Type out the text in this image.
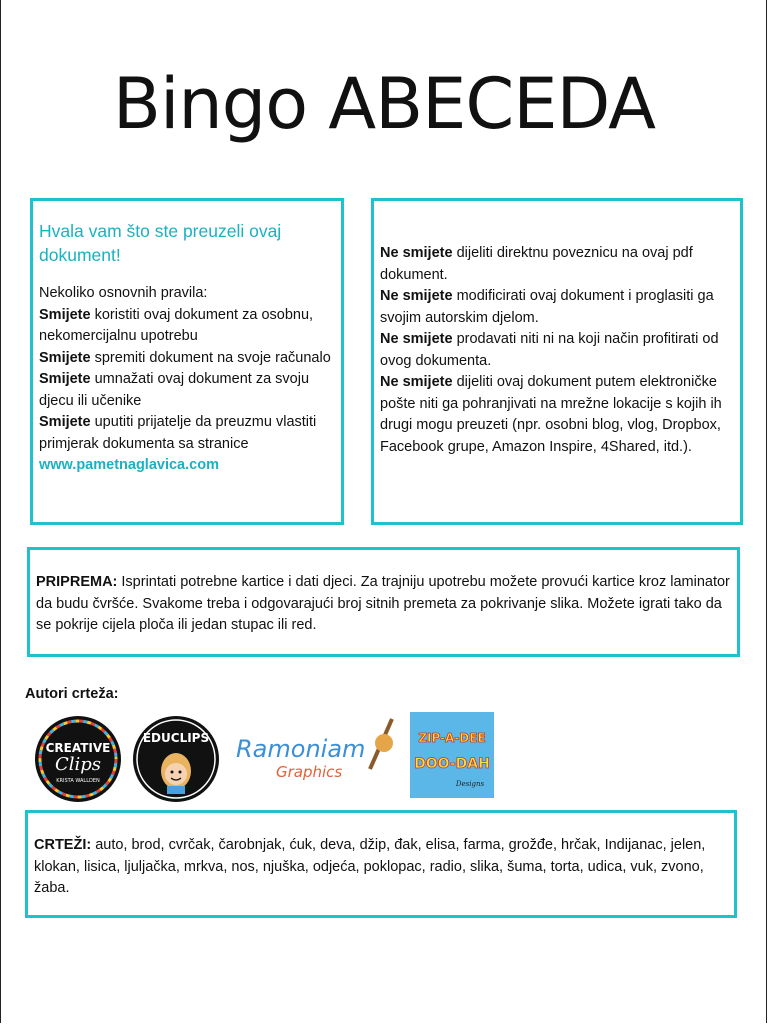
Bingo ABECEDA
Hvala vam što ste preuzeli ovaj dokument!

Nekoliko osnovnih pravila:

Smijete koristiti ovaj dokument za osobnu, nekomercijalnu upotrebu

Smijete spremiti dokument na svoje računalo

Smijete umnažati ovaj dokument za svoju djecu ili učenike

Smijete uputiti prijatelje da preuzmu vlastiti primjerak dokumenta sa stranice

www.pametnaglavica.com

Ne smijete dijeliti direktnu poveznicu na ovaj pdf dokument.

Ne smijete modificirati ovaj dokument i proglasiti ga svojim autorskim djelom.

Ne smijete prodavati niti ni na koji način profitirati od ovog dokumenta.

Ne smijete dijeliti ovaj dokument putem elektroničke pošte niti ga pohranjivati na mrežne lokacije s kojih ih drugi mogu preuzeti (npr. osobni blog, vlog, Dropbox, Facebook grupe, Amazon Inspire, 4Shared, itd.).

PRIPREMA: Isprintati potrebne kartice i dati djeci. Za trajniju upotrebu možete provući kartice kroz laminator da budu čvršće. Svakome treba i odgovarajući broj sitnih premeta za pokrivanje slika. Možete igrati tako da se pokrije cijela ploča ili jedan stupac ili red.

Autori crteža:
CREATIVE
Clips
KRISTA WALLDEN
EDUCLIPS Ramoniam
Graphics
ZIP-A-DEE
DOO-DAH
Designs

CRTEŽI: auto, brod, cvrčak, čarobnjak, ćuk, deva, džip, đak, elisa, farma, grožđe, hrčak, Indijanac, jelen, klokan, lisica, ljuljačka, mrkva, nos, njuška, odjeća, poklopac, radio, slika, šuma, torta, udica, vuk, zvono, žaba.
